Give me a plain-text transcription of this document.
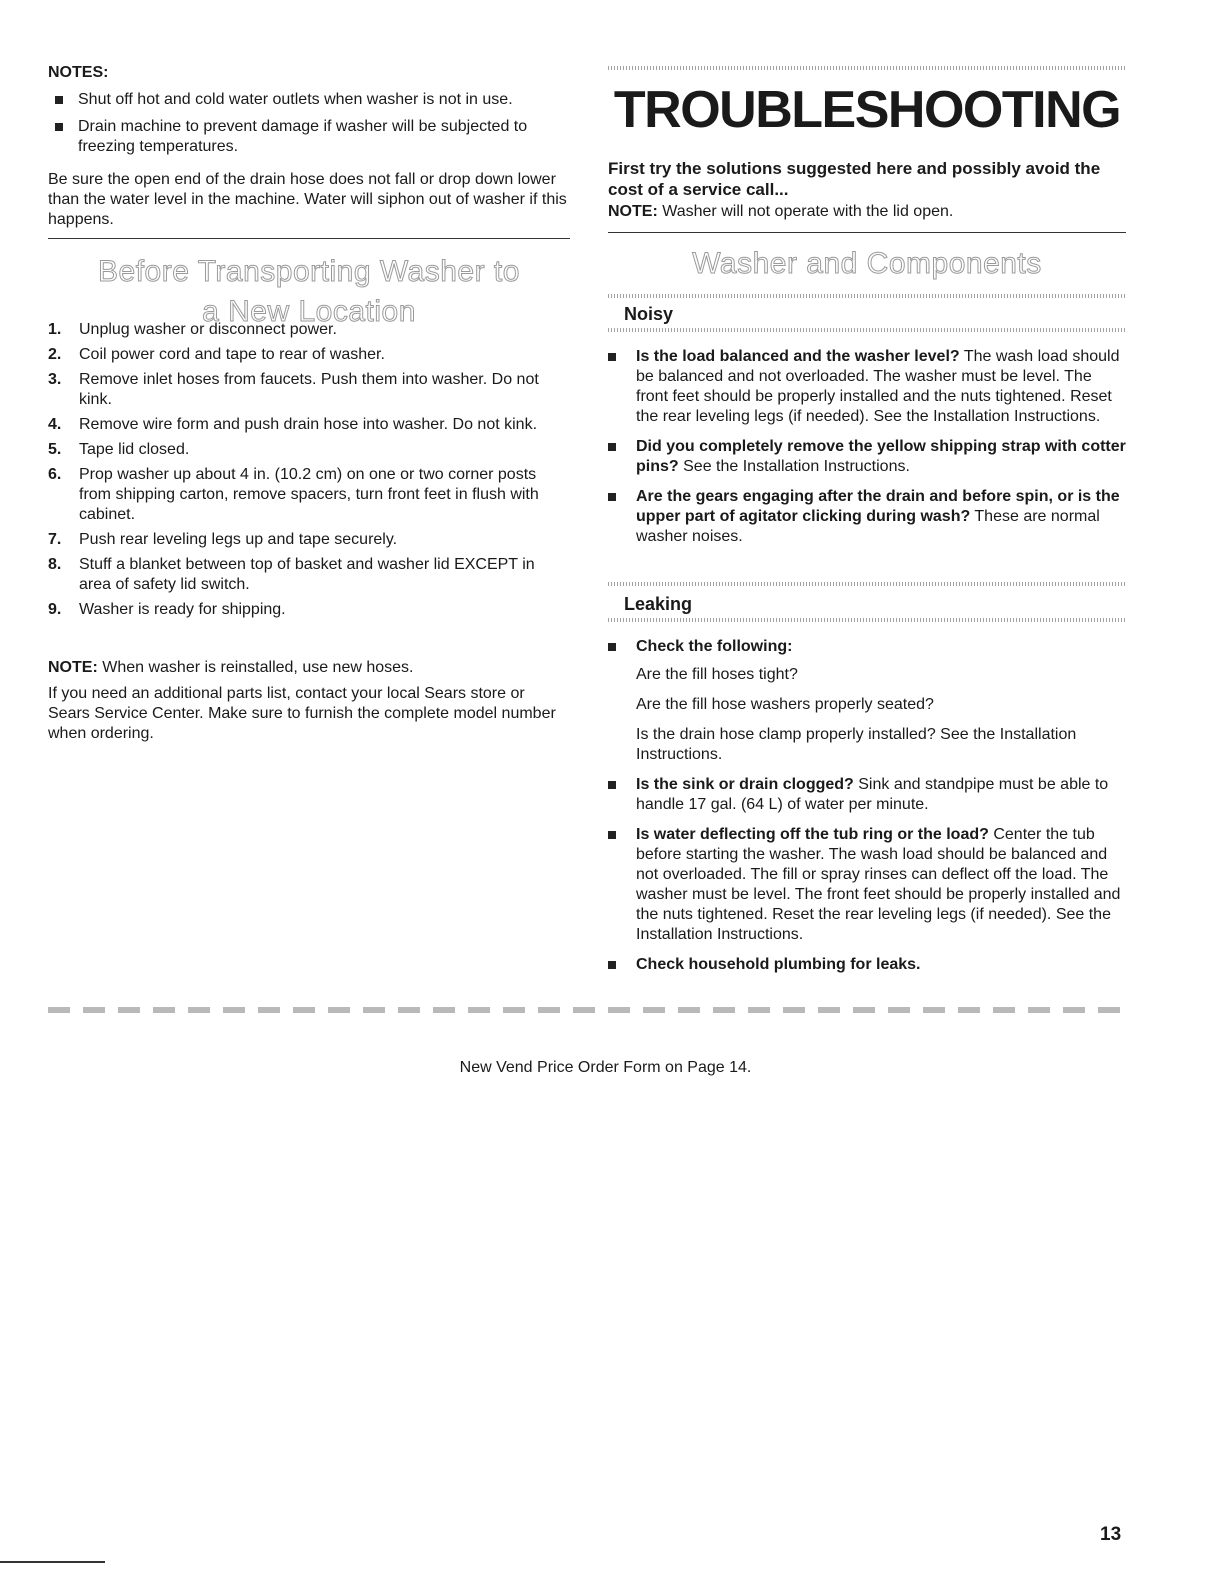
NOTES:

Shut off hot and cold water outlets when washer is not in use.

Drain machine to prevent damage if washer will be subjected to freezing temperatures.

Be sure the open end of the drain hose does not fall or drop down lower than the water level in the machine. Water will siphon out of washer if this happens.

Before Transporting Washer to
a New Location
1. Unplug washer or disconnect power.
2. Coil power cord and tape to rear of washer.
3. Remove inlet hoses from faucets. Push them into washer. Do not kink.
4. Remove wire form and push drain hose into washer. Do not kink.
5. Tape lid closed.
6. Prop washer up about 4 in. (10.2 cm) on one or two corner posts from shipping carton, remove spacers, turn front feet in flush with cabinet.
7. Push rear leveling legs up and tape securely.
8. Stuff a blanket between top of basket and washer lid EXCEPT in area of safety lid switch.
9. Washer is ready for shipping.

NOTE: When washer is reinstalled, use new hoses.

If you need an additional parts list, contact your local Sears store or Sears Service Center. Make sure to furnish the complete model number when ordering.

TROUBLESHOOTING

First try the solutions suggested here and possibly avoid the cost of a service call...

NOTE: Washer will not operate with the lid open.

Washer and Components

Noisy

Is the load balanced and the washer level? The wash load should be balanced and not overloaded. The washer must be level. The front feet should be properly installed and the nuts tightened. Reset the rear leveling legs (if needed). See the Installation Instructions.

Did you completely remove the yellow shipping strap with cotter pins? See the Installation Instructions.

Are the gears engaging after the drain and before spin, or is the upper part of agitator clicking during wash? These are normal washer noises.

Leaking

Check the following:

Are the fill hoses tight?

Are the fill hose washers properly seated?

Is the drain hose clamp properly installed? See the Installation Instructions.

Is the sink or drain clogged? Sink and standpipe must be able to handle 17 gal. (64 L) of water per minute.

Is water deflecting off the tub ring or the load? Center the tub before starting the washer. The wash load should be balanced and not overloaded. The fill or spray rinses can deflect off the load. The washer must be level. The front feet should be properly installed and the nuts tightened. Reset the rear leveling legs (if needed). See the Installation Instructions.

Check household plumbing for leaks.

New Vend Price Order Form on Page 14.

13
